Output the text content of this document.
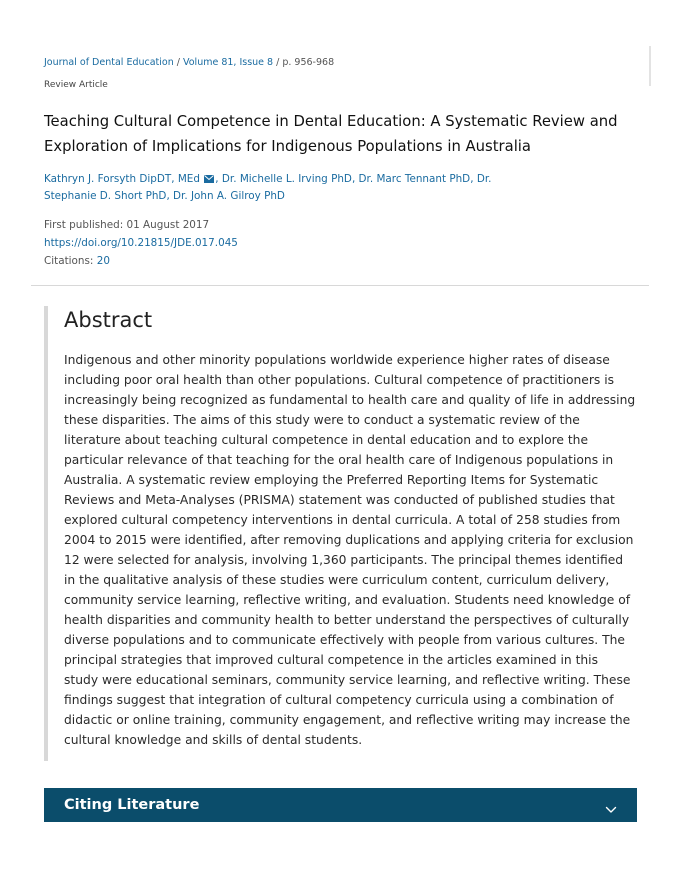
Journal of Dental Education / Volume 81, Issue 8 / p. 956-968
Review Article
Teaching Cultural Competence in Dental Education: A Systematic Review and Exploration of Implications for Indigenous Populations in Australia
Kathryn J. Forsyth DipDT, MEd , Dr. Michelle L. Irving PhD, Dr. Marc Tennant PhD, Dr. Stephanie D. Short PhD, Dr. John A. Gilroy PhD
First published: 01 August 2017
https://doi.org/10.21815/JDE.017.045
Citations: 20
Abstract

Indigenous and other minority populations worldwide experience higher rates of disease including poor oral health than other populations. Cultural competence of practitioners is increasingly being recognized as fundamental to health care and quality of life in addressing these disparities. The aims of this study were to conduct a systematic review of the literature about teaching cultural competence in dental education and to explore the particular relevance of that teaching for the oral health care of Indigenous populations in Australia. A systematic review employing the Preferred Reporting Items for Systematic Reviews and Meta-Analyses (PRISMA) statement was conducted of published studies that explored cultural competency interventions in dental curricula. A total of 258 studies from 2004 to 2015 were identified, after removing duplications and applying criteria for exclusion 12 were selected for analysis, involving 1,360 participants. The principal themes identified in the qualitative analysis of these studies were curriculum content, curriculum delivery, community service learning, reflective writing, and evaluation. Students need knowledge of health disparities and community health to better understand the perspectives of culturally diverse populations and to communicate effectively with people from various cultures. The principal strategies that improved cultural competence in the articles examined in this study were educational seminars, community service learning, and reflective writing. These findings suggest that integration of cultural competency curricula using a combination of didactic or online training, community engagement, and reflective writing may increase the cultural knowledge and skills of dental students.

Citing Literature
